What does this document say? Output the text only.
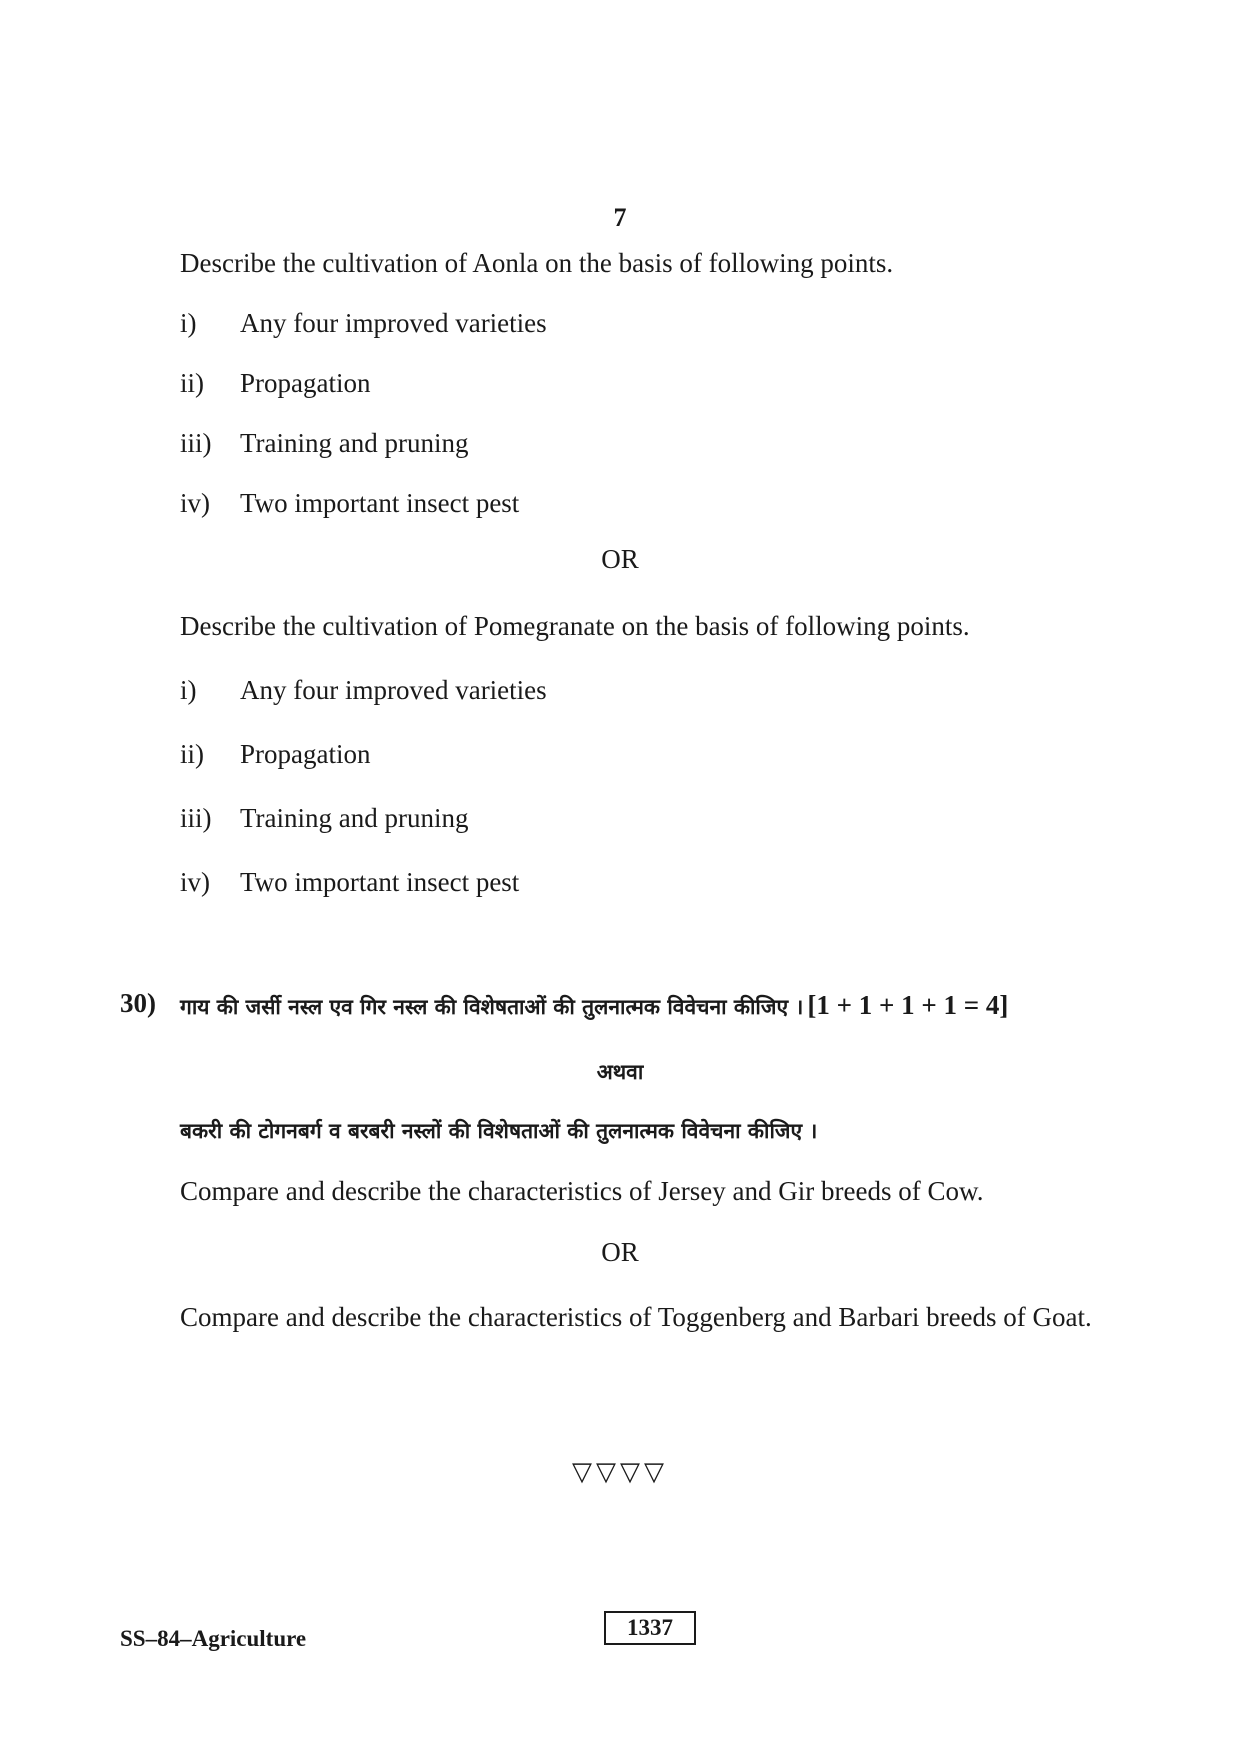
7
Describe the cultivation of Aonla on the basis of following points.
i) Any four improved varieties
ii) Propagation
iii) Training and pruning
iv) Two important insect pest
OR
Describe the cultivation of Pomegranate on the basis of following points.
i) Any four improved varieties
ii) Propagation
iii) Training and pruning
iv) Two important insect pest
30) गाय की जर्सी नस्ल एव गिर नस्ल की विशेषताओं की तुलनात्मक विवेचना कीजिए । [1 + 1 + 1 + 1 = 4]
अथवा
बकरी की टोगनबर्ग व बरबरी नस्लों की विशेषताओं की तुलनात्मक विवेचना कीजिए ।
Compare and describe the characteristics of Jersey and Gir breeds of Cow.
OR
Compare and describe the characteristics of Toggenberg and Barbari breeds of Goat.
▽▽▽▽
SS–84–Agriculture	1337
